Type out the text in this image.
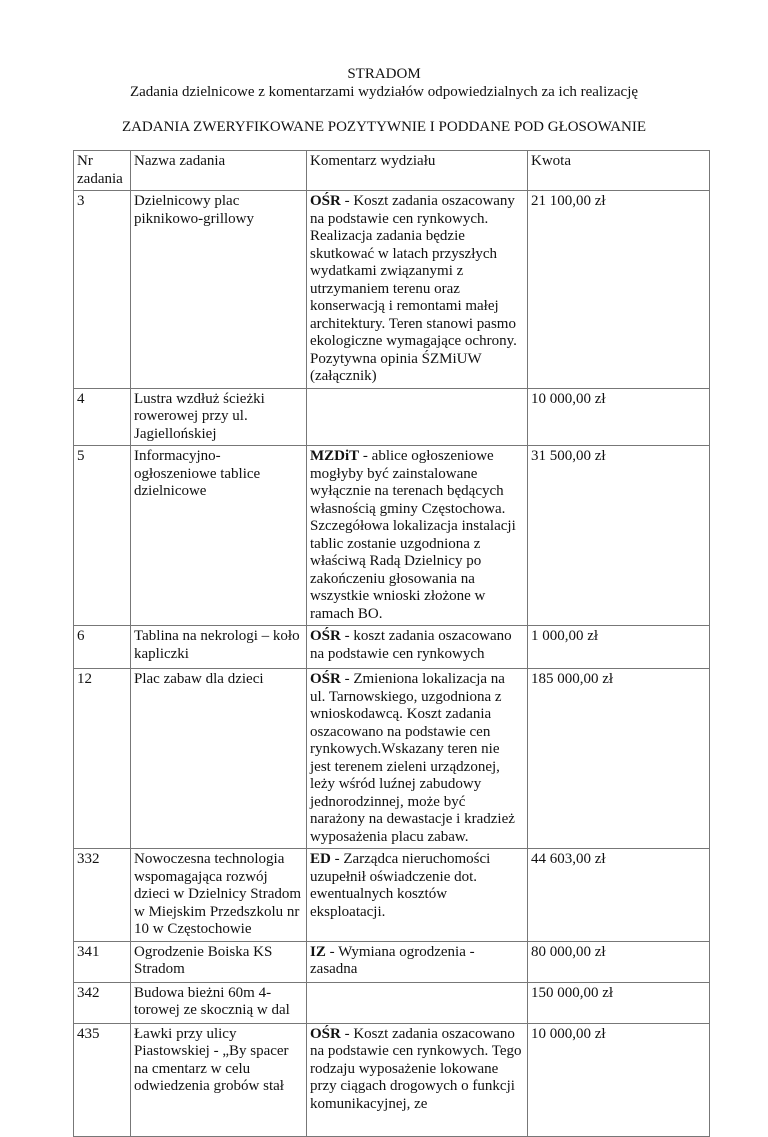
STRADOM
Zadania dzielnicowe z komentarzami wydziałów odpowiedzialnych za ich realizację
ZADANIA ZWERYFIKOWANE POZYTYWNIE I PODDANE POD GŁOSOWANIE
Nr zadania	Nazwa zadania	Komentarz wydziału	Kwota
3	Dzielnicowy plac piknikowo-grillowy	OŚR - Koszt zadania oszacowany na podstawie cen rynkowych. Realizacja zadania będzie skutkować w latach przyszłych wydatkami związanymi z utrzymaniem terenu oraz konserwacją i remontami małej architektury. Teren stanowi pasmo ekologiczne wymagające ochrony. Pozytywna opinia ŚZMiUW (załącznik)	21 100,00 zł
4	Lustra wzdłuż ścieżki rowerowej przy ul. Jagiellońskiej		10 000,00 zł
5	Informacyjno-ogłoszeniowe tablice dzielnicowe	MZDiT - ablice ogłoszeniowe mogłyby być zainstalowane wyłącznie na terenach będących własnością gminy Częstochowa. Szczegółowa lokalizacja instalacji tablic zostanie uzgodniona z właściwą Radą Dzielnicy po zakończeniu głosowania na wszystkie wnioski złożone w ramach BO.	31 500,00 zł
6	Tablina na nekrologi – koło kapliczki	OŚR - koszt zadania oszacowano na podstawie cen rynkowych	1 000,00 zł
12	Plac zabaw dla dzieci	OŚR - Zmieniona lokalizacja na ul. Tarnowskiego, uzgodniona z wnioskodawcą. Koszt zadania oszacowano na podstawie cen rynkowych.Wskazany teren nie jest terenem zieleni urządzonej, leży wśród luźnej zabudowy jednorodzinnej, może być narażony na dewastacje i kradzież wyposażenia placu zabaw.	185 000,00 zł
332	Nowoczesna technologia wspomagająca rozwój dzieci w Dzielnicy Stradom w Miejskim Przedszkolu nr 10 w Częstochowie	ED - Zarządca nieruchomości uzupełnił oświadczenie dot. ewentualnych kosztów eksploatacji.	44 603,00 zł
341	Ogrodzenie Boiska KS Stradom	IZ - Wymiana ogrodzenia - zasadna	80 000,00 zł
342	Budowa bieżni 60m 4-torowej ze skocznią w dal		150 000,00 zł
435	Ławki przy ulicy Piastowskiej - „By spacer na cmentarz w celu odwiedzenia grobów stał	OŚR - Koszt zadania oszacowano na podstawie cen rynkowych. Tego rodzaju wyposażenie lokowane przy ciągach drogowych o funkcji komunikacyjnej, ze	10 000,00 zł
